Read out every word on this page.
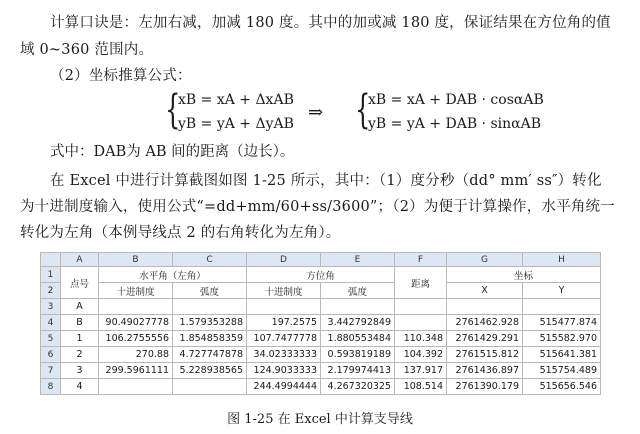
计算口诀是：左加右减，加减 180 度。其中的加或减 180 度，保证结果在方位角的值
域 0~360 范围内。
（2）坐标推算公式：
{
xB = xA + ΔxAB
yB = yA + ΔyAB
⇒ {
xB = xA + DAB · cosαAB
yB = yA + DAB · sinαAB
式中：DAB为 AB 间的距离（边长）。
在 Excel 中进行计算截图如图 1-25 所示，其中：（1）度分秒（dd° mm′ ss″）转化
为十进制度输入，使用公式“=dd+mm/60+ss/3600”；（2）为便于计算操作，水平角统一
转化为左角（本例导线点 2 的右角转化为左角）。
	A	B	C	D	E	F	G	H
1	点号	水平角（左角）		方位角		距离	坐标	
2		十进制度	弧度	十进制度	弧度		X	Y
3	A							
4	B	90.49027778	1.579353288	197.2575	3.442792849		2761462.928	515477.874
5	1	106.2755556	1.854858359	107.7477778	1.880553484	110.348	2761429.291	515582.970
6	2	270.88	4.727747878	34.02333333	0.593819189	104.392	2761515.812	515641.381
7	3	299.5961111	5.228938565	124.9033333	2.179974413	137.917	2761436.897	515754.489
8	4			244.4994444	4.267320325	108.514	2761390.179	515656.546
图 1-25 在 Excel 中计算支导线
